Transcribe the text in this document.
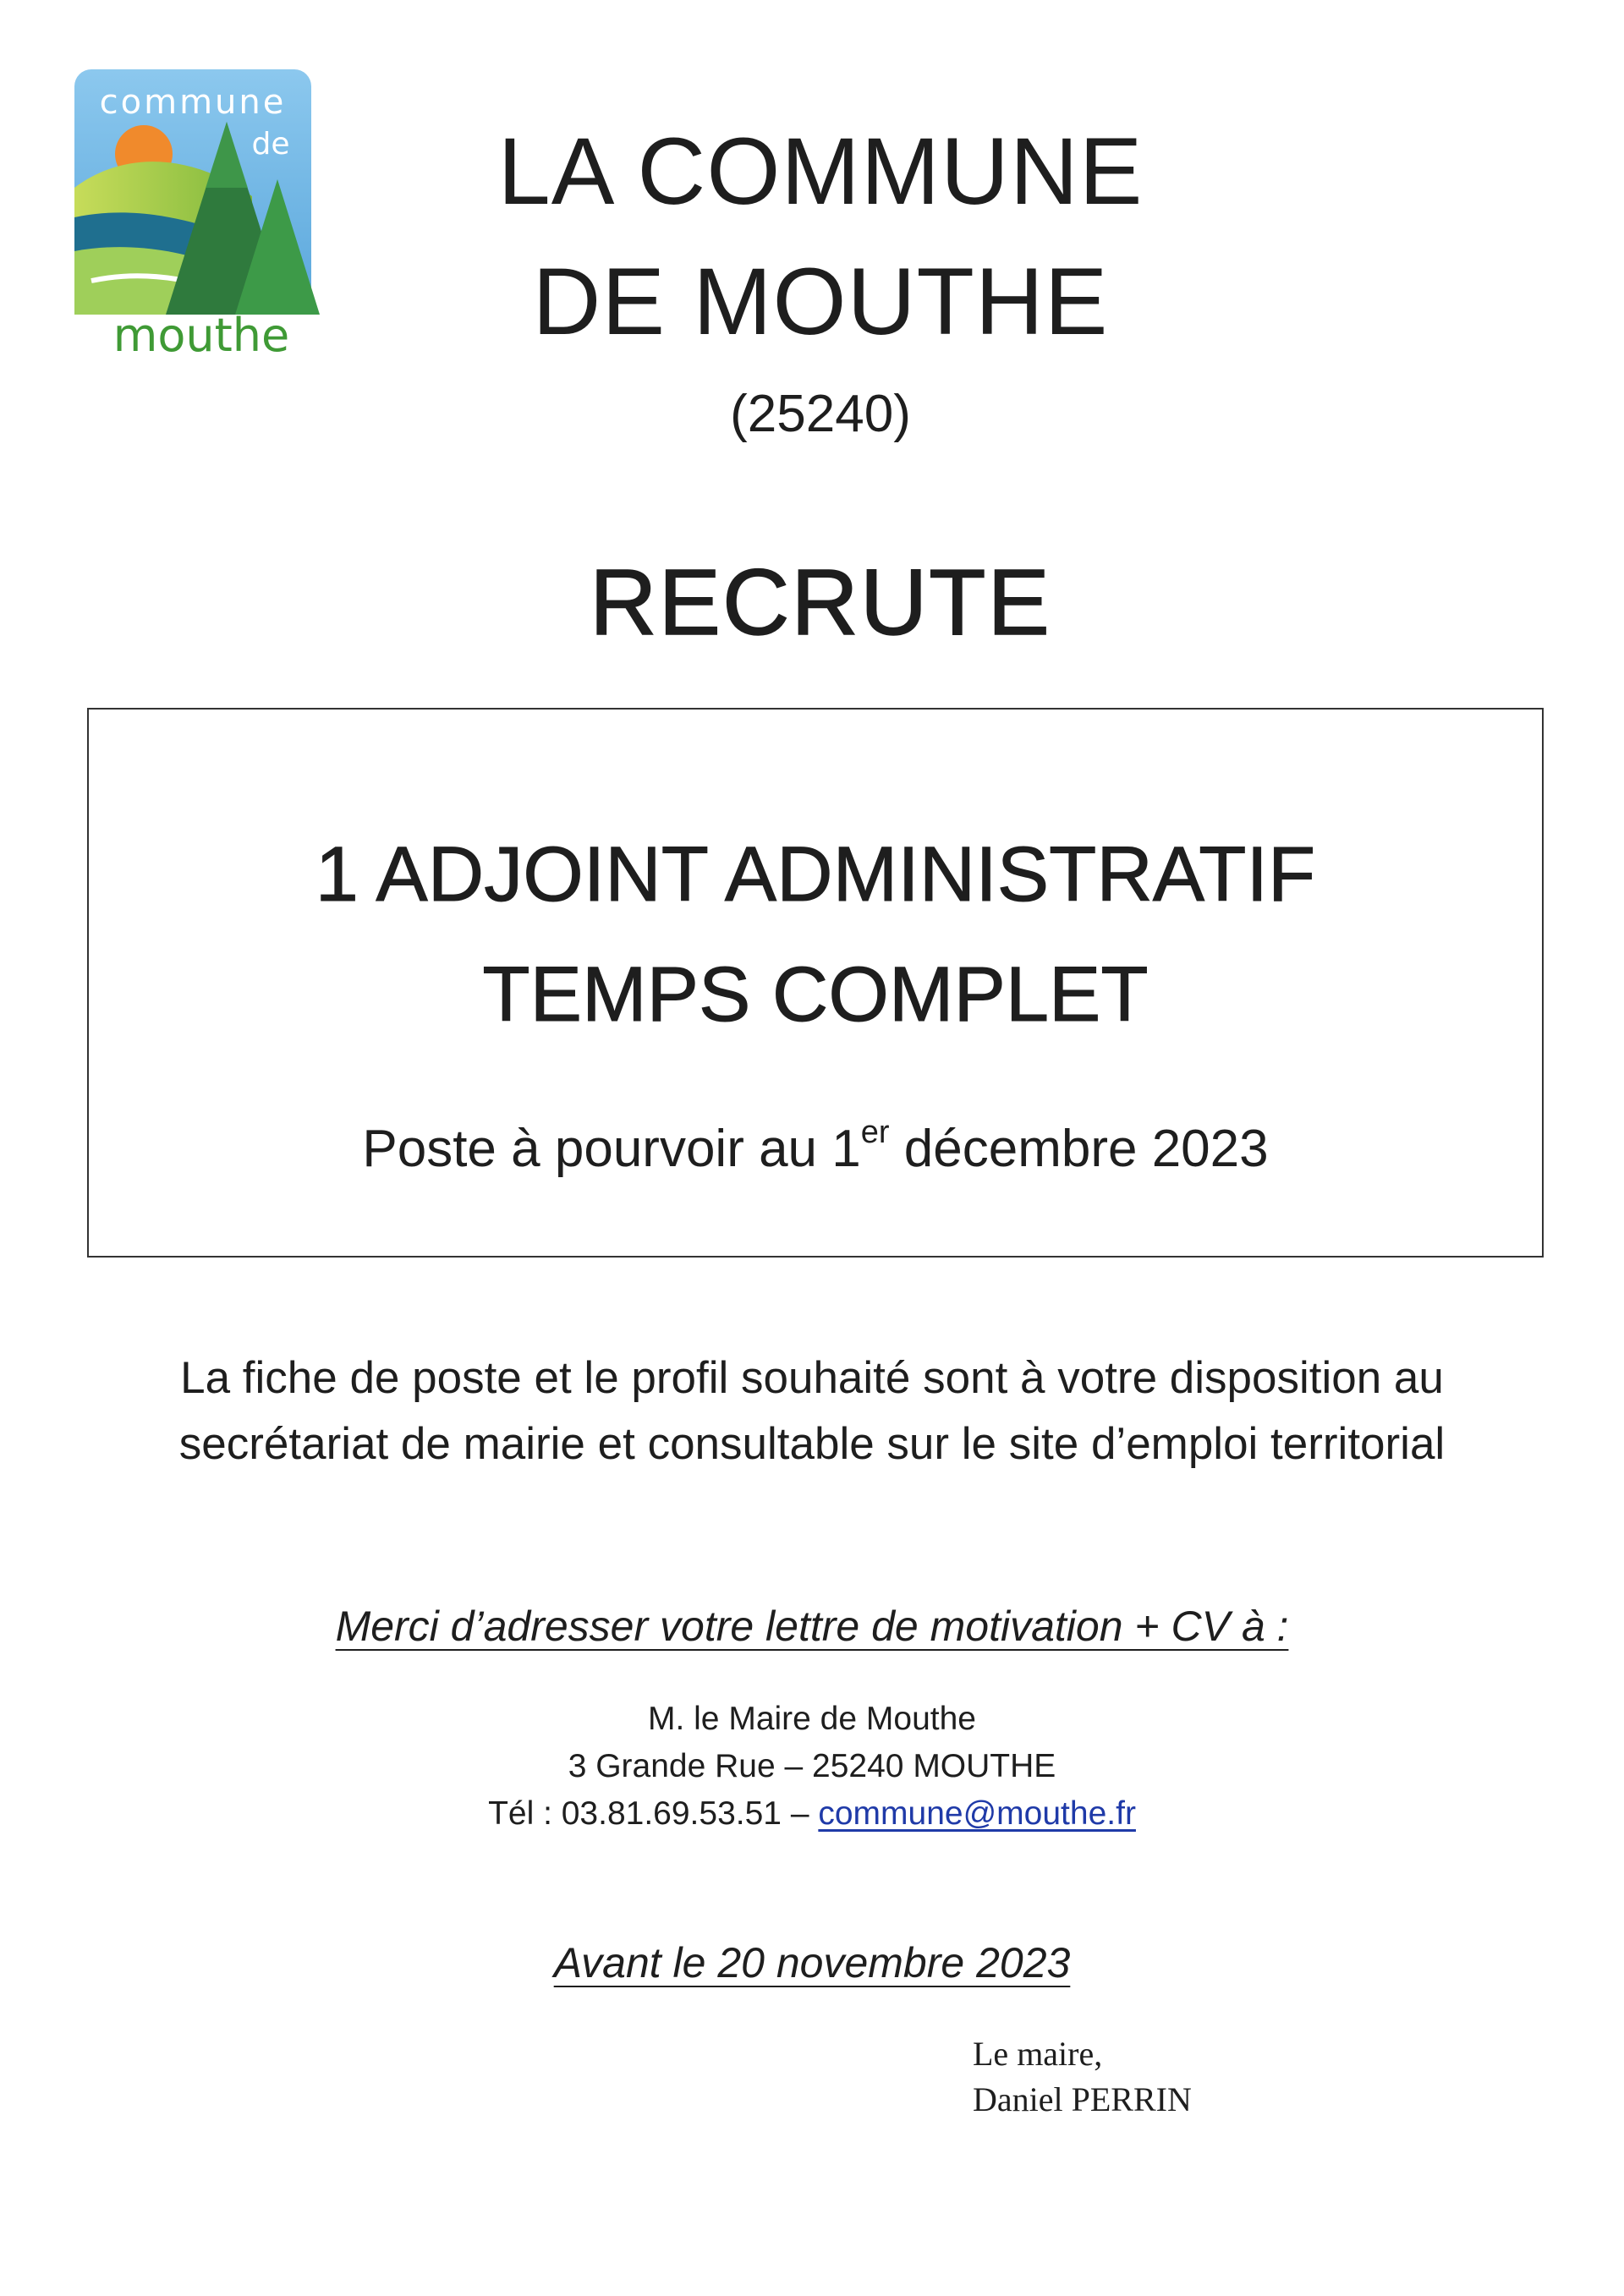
commune
de
mouthe
LA COMMUNE
DE MOUTHE
(25240)
RECRUTE
1 ADJOINT ADMINISTRATIF
TEMPS COMPLET
Poste à pourvoir au 1er décembre 2023
La fiche de poste et le profil souhaité sont à votre disposition au
secrétariat de mairie et consultable sur le site d’emploi territorial
Merci d’adresser votre lettre de motivation + CV à :
M. le Maire de Mouthe
3 Grande Rue – 25240 MOUTHE
Tél : 03.81.69.53.51 – commune@mouthe.fr
Avant le 20 novembre 2023
Le maire,
Daniel PERRIN
